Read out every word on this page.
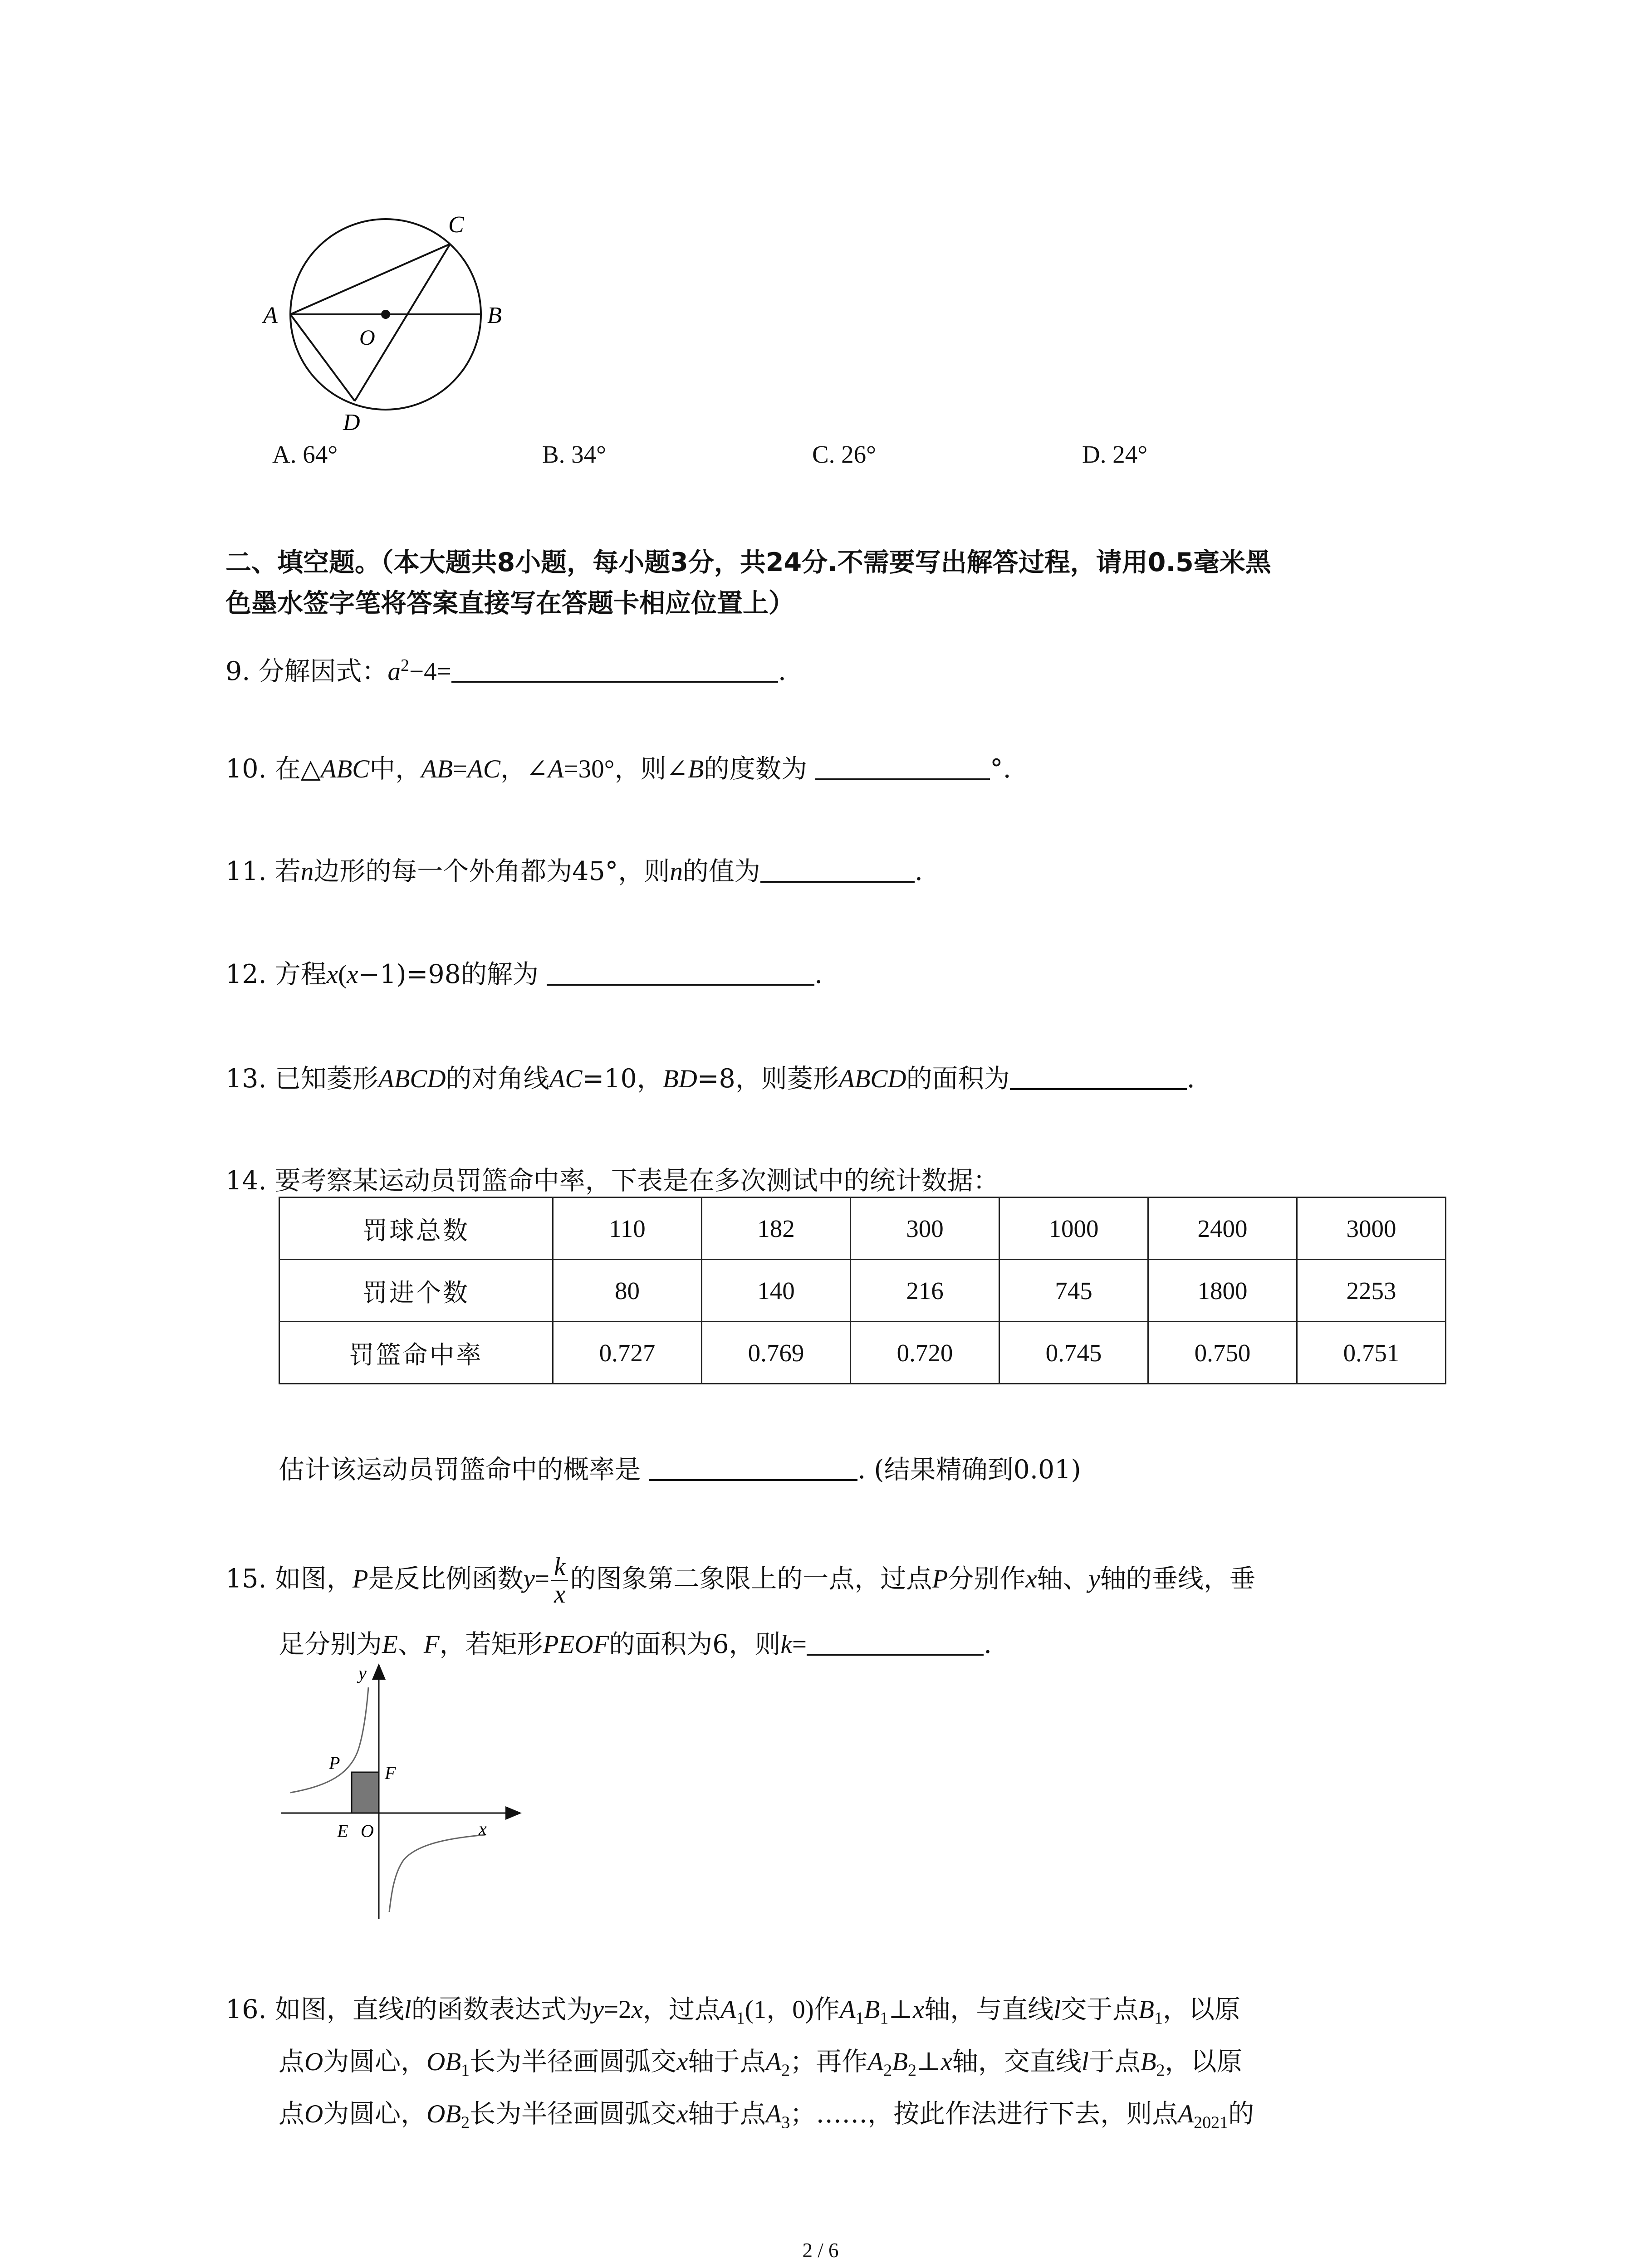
C
A	B
O
D
A. 64°	B. 34°	C. 26°	D. 24°
二、填空题。（本大题共8小题，每小题3分，共24分.不需要写出解答过程，请用0.5毫米黑
色墨水签字笔将答案直接写在答题卡相应位置上）
9. 分解因式：$a^2-4=$	.
10. 在△ABC中，AB=AC，∠A=30°，则∠B的度数为	°.
11. 若n边形的每一个外角都为45°，则n的值为	.
12. 方程x(x−1)=98的解为	.
13. 已知菱形ABCD的对角线AC=10，BD=8，则菱形ABCD的面积为	.
14. 要考察某运动员罚篮命中率，下表是在多次测试中的统计数据：
罚球总数	110	182	300	1000	2400	3000
罚进个数	80	140	216	745	1800	2253
罚篮命中率	0.727	0.769	0.720	0.745	0.750	0.751
估计该运动员罚篮命中的概率是	. (结果精确到0.01)
15. 如图，P是反比例函数$y= \frac{k}{x}$ 的图象第二象限上的一点，过点P分别作x轴、y轴的垂线，垂
足分别为E、F，若矩形PEOF的面积为6，则k=	.
y
x
P F
E O
16. 如图，直线l的函数表达式为y=2x，过点$A_1(1$，0)作$A_1B_1\perp x$轴，与直线l交于点$B_1$，以原
点O为圆心，$OB_1$长为半径画圆弧交x轴于点$A_2$；再作$A_2B_2\perp x$轴，交直线l于点$B_2$，以原
点O为圆心，$OB_2$长为半径画圆弧交x轴于点$A_3$；……，按此作法进行下去，则点$A_{2021}$的
2 / 6
